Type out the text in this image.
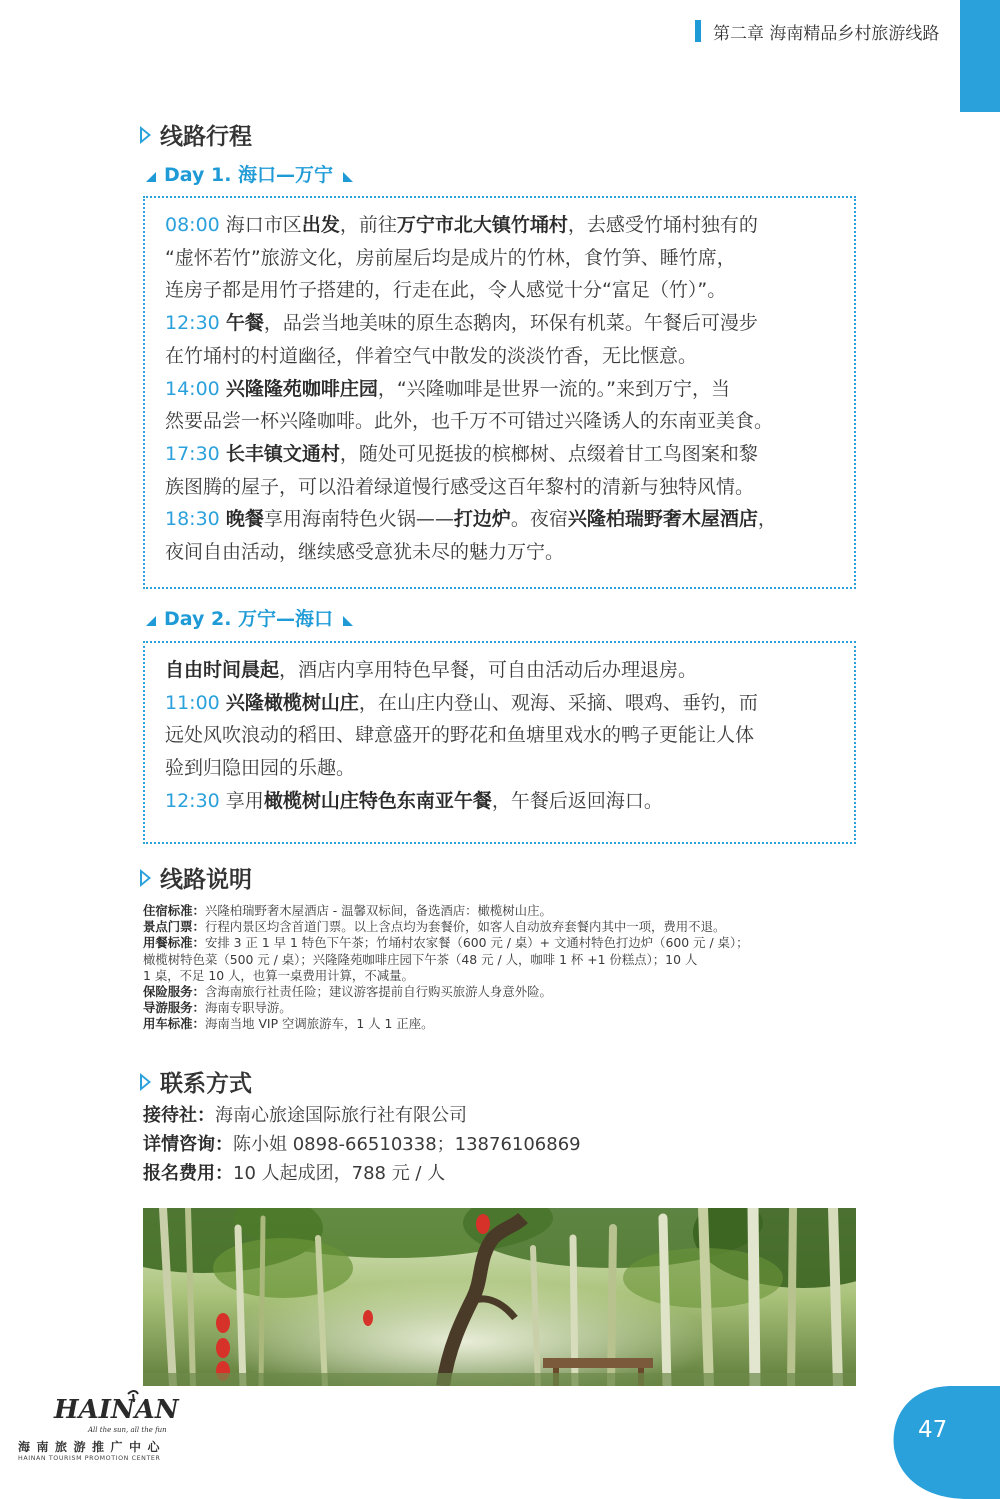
第二章 海南精品乡村旅游线路
线路行程
Day 1. 海口—万宁

08:00 海口市区出发，前往万宁市北大镇竹埇村，去感受竹埇村独有的

“虚怀若竹”旅游文化，房前屋后均是成片的竹林，食竹笋、睡竹席，

连房子都是用竹子搭建的，行走在此，令人感觉十分“富足（竹）”。

12:30 午餐，品尝当地美味的原生态鹅肉，环保有机菜。午餐后可漫步

在竹埇村的村道幽径，伴着空气中散发的淡淡竹香，无比惬意。

14:00 兴隆隆苑咖啡庄园，“兴隆咖啡是世界一流的。”来到万宁，当

然要品尝一杯兴隆咖啡。此外，也千万不可错过兴隆诱人的东南亚美食。

17:30 长丰镇文通村，随处可见挺拔的槟榔树、点缀着甘工鸟图案和黎

族图腾的屋子，可以沿着绿道慢行感受这百年黎村的清新与独特风情。

18:30 晚餐享用海南特色火锅——打边炉。夜宿兴隆柏瑞野奢木屋酒店，

夜间自由活动，继续感受意犹未尽的魅力万宁。

Day 2. 万宁—海口

自由时间晨起，酒店内享用特色早餐，可自由活动后办理退房。

11:00 兴隆橄榄树山庄，在山庄内登山、观海、采摘、喂鸡、垂钓，而

远处风吹浪动的稻田、肆意盛开的野花和鱼塘里戏水的鸭子更能让人体

验到归隐田园的乐趣。

12:30 享用橄榄树山庄特色东南亚午餐，午餐后返回海口。

线路说明

住宿标准：兴隆柏瑞野奢木屋酒店 - 温馨双标间，备选酒店：橄榄树山庄。

景点门票：行程内景区均含首道门票。以上含点均为套餐价，如客人自动放弃套餐内其中一项，费用不退。

用餐标准：安排 3 正 1 早 1 特色下午茶；竹埇村农家餐（600 元 / 桌）+ 文通村特色打边炉（600 元 / 桌）；

橄榄树特色菜（500 元 / 桌）；兴隆隆苑咖啡庄园下午茶（48 元 / 人，咖啡 1 杯 +1 份糕点）；10 人

1 桌，不足 10 人，也算一桌费用计算，不减量。

保险服务：含海南旅行社责任险；建议游客提前自行购买旅游人身意外险。

导游服务：海南专职导游。

用车标准：海南当地 VIP 空调旅游车，1 人 1 正座。

联系方式

接待社：海南心旅途国际旅行社有限公司

详情咨询：陈小姐 0898-66510338；13876106869

报名费用：10 人起成团，788 元 / 人

HAINAN
All the sun, all the fun
海南旅游推广中心
HAINAN TOURISM PROMOTION CENTER
47
